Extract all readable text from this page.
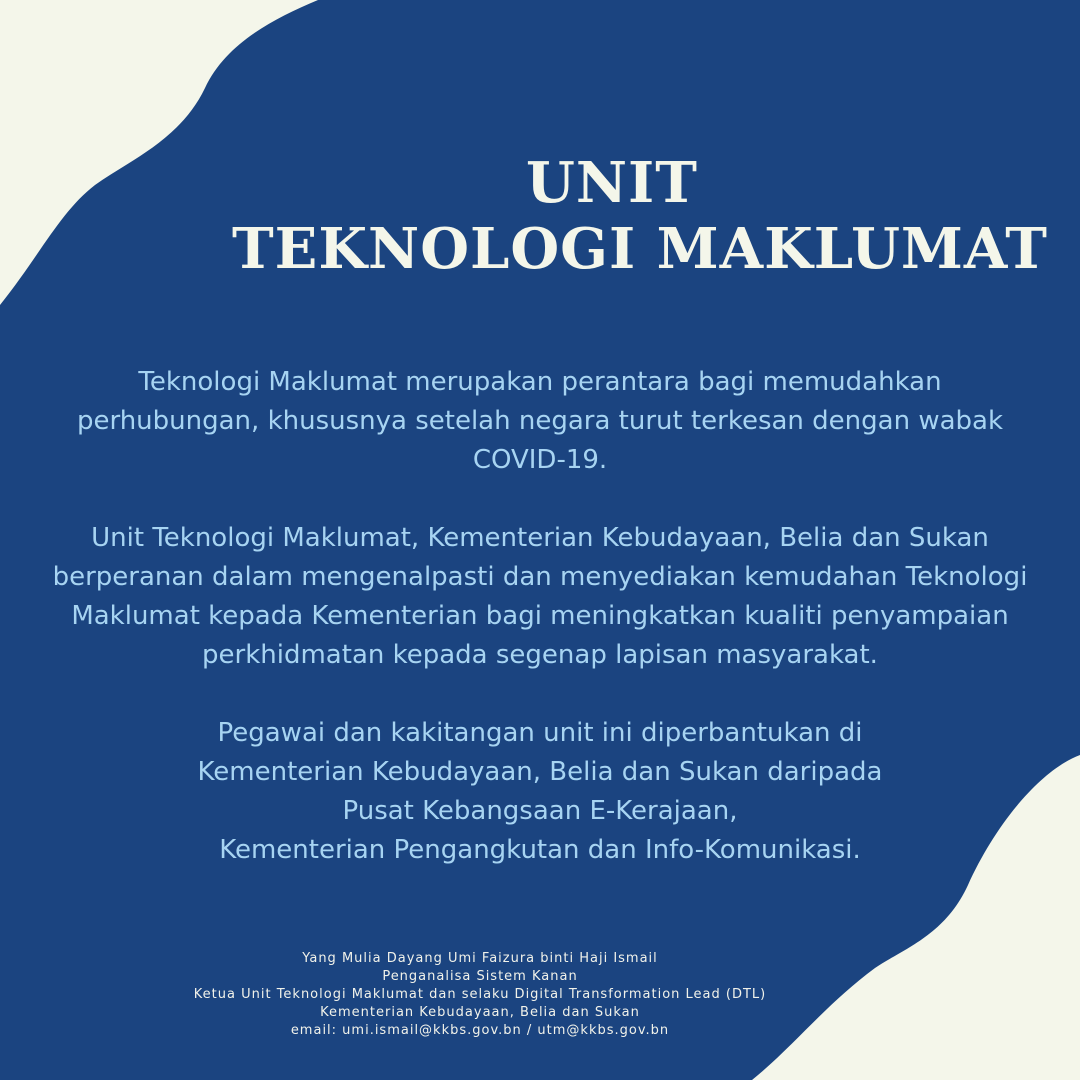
UNIT
TEKNOLOGI MAKLUMAT

Teknologi Maklumat merupakan perantara bagi memudahkan
perhubungan, khususnya setelah negara turut terkesan dengan wabak
COVID-19.

Unit Teknologi Maklumat, Kementerian Kebudayaan, Belia dan Sukan
berperanan dalam mengenalpasti dan menyediakan kemudahan Teknologi
Maklumat kepada Kementerian bagi meningkatkan kualiti penyampaian
perkhidmatan kepada segenap lapisan masyarakat.

Pegawai dan kakitangan unit ini diperbantukan di
Kementerian Kebudayaan, Belia dan Sukan daripada
Pusat Kebangsaan E-Kerajaan,
Kementerian Pengangkutan dan Info-Komunikasi.

Yang Mulia Dayang Umi Faizura binti Haji Ismail
Penganalisa Sistem Kanan
Ketua Unit Teknologi Maklumat dan selaku Digital Transformation Lead (DTL)
Kementerian Kebudayaan, Belia dan Sukan
email: umi.ismail@kkbs.gov.bn / utm@kkbs.gov.bn
